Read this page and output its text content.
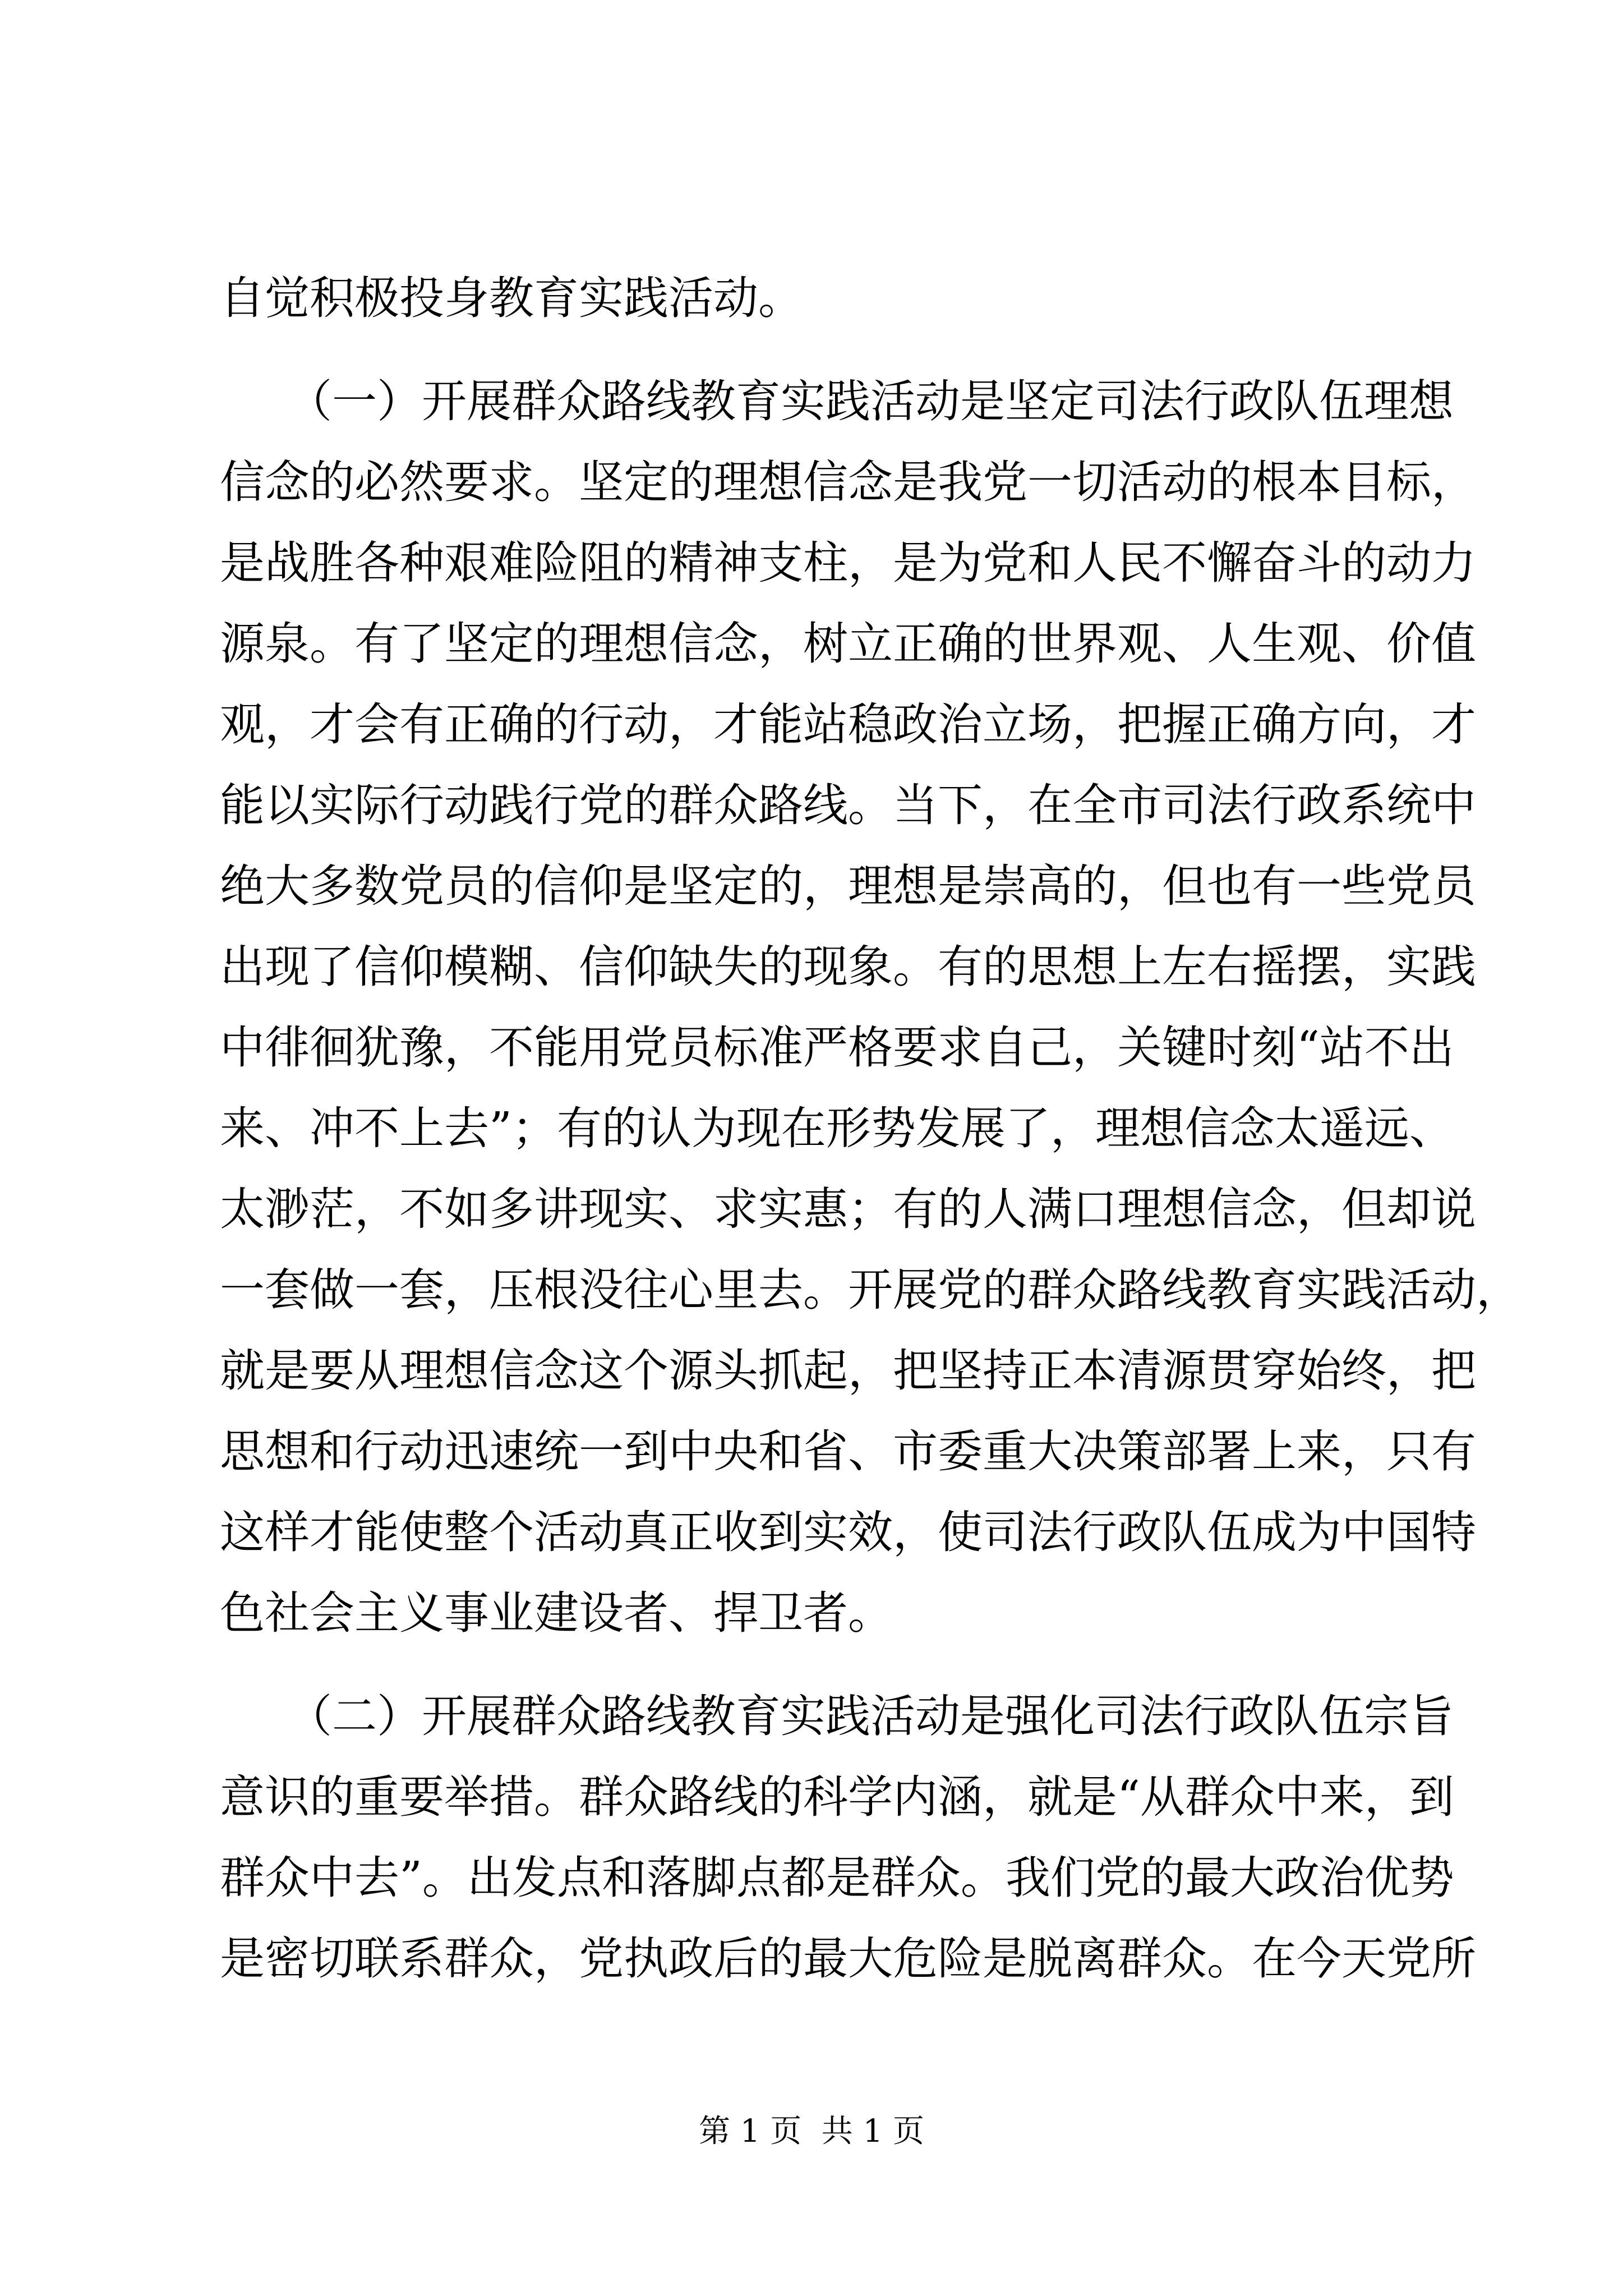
自觉积极投身教育实践活动。
　　（一）开展群众路线教育实践活动是坚定司法行政队伍理想
信念的必然要求。坚定的理想信念是我党一切活动的根本目标，
是战胜各种艰难险阻的精神支柱，是为党和人民不懈奋斗的动力
源泉。有了坚定的理想信念，树立正确的世界观、人生观、价值
观，才会有正确的行动，才能站稳政治立场，把握正确方向，才
能以实际行动践行党的群众路线。当下，在全市司法行政系统中
绝大多数党员的信仰是坚定的，理想是崇高的，但也有一些党员
出现了信仰模糊、信仰缺失的现象。有的思想上左右摇摆，实践
中徘徊犹豫，不能用党员标准严格要求自己，关键时刻“站不出
来、冲不上去”；有的认为现在形势发展了，理想信念太遥远、
太渺茫，不如多讲现实、求实惠；有的人满口理想信念，但却说
一套做一套，压根没往心里去。开展党的群众路线教育实践活动，
就是要从理想信念这个源头抓起，把坚持正本清源贯穿始终，把
思想和行动迅速统一到中央和省、市委重大决策部署上来，只有
这样才能使整个活动真正收到实效，使司法行政队伍成为中国特
色社会主义事业建设者、捍卫者。
　　（二）开展群众路线教育实践活动是强化司法行政队伍宗旨
意识的重要举措。群众路线的科学内涵，就是“从群众中来，到
群众中去”。出发点和落脚点都是群众。我们党的最大政治优势
是密切联系群众，党执政后的最大危险是脱离群众。在今天党所
第 1 页  共 1 页
